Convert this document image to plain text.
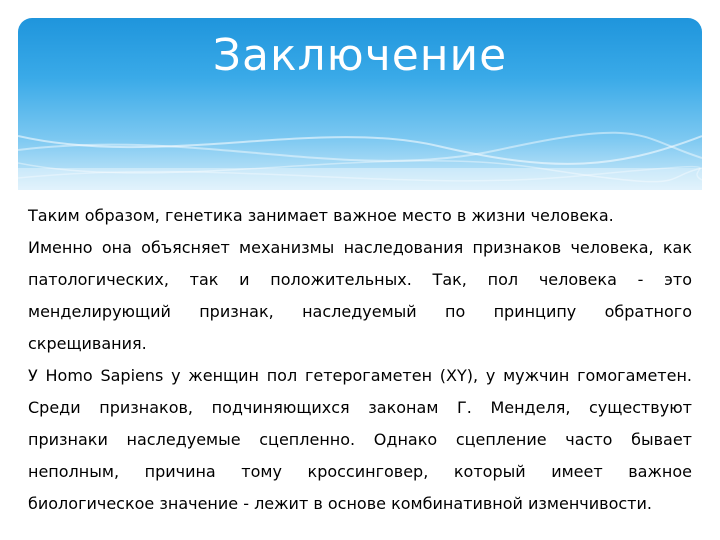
Заключение

Таким образом, генетика занимает важное место в жизни человека.

Именно она объясняет механизмы наследования признаков человека, как патологических, так и положительных. Так, пол человека - это менделирующий признак, наследуемый по принципу обратного скрещивания.

У Homo Sapiens у женщин пол гетерогаметен (XY), у мужчин гомогаметен. Среди признаков, подчиняющихся законам Г. Менделя, существуют признаки наследуемые сцепленно. Однако сцепление часто бывает неполным, причина тому кроссинговер, который имеет важное биологическое значение - лежит в основе комбинативной изменчивости.
